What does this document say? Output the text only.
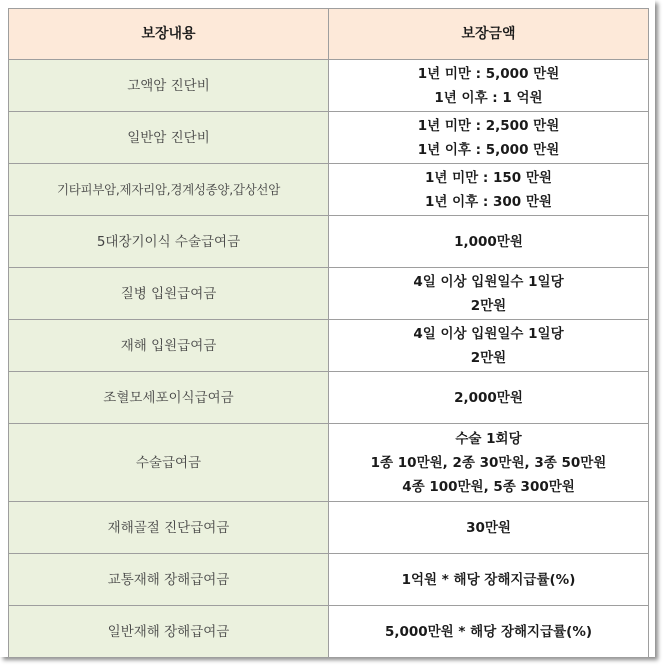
보장내용	보장금액
고액암 진단비	1년 미만 : 5,000 만원
1년 이후 : 1 억원

일반암 진단비	1년 미만 : 2,500 만원
1년 이후 : 5,000 만원

기타피부암,제자리암,경계성종양,갑상선암	1년 미만 : 150 만원
1년 이후 : 300 만원

5대장기이식 수술급여금	1,000만원

질병 입원급여금	4일 이상 입원일수 1일당
2만원

재해 입원급여금	4일 이상 입원일수 1일당
2만원

조혈모세포이식급여금	2,000만원

수술급여금	수술 1회당
1종 10만원, 2종 30만원, 3종 50만원
4종 100만원, 5종 300만원

재해골절 진단급여금	30만원

교통재해 장해급여금	1억원 * 해당 장해지급률(%)

일반재해 장해급여금	5,000만원 * 해당 장해지급률(%)
